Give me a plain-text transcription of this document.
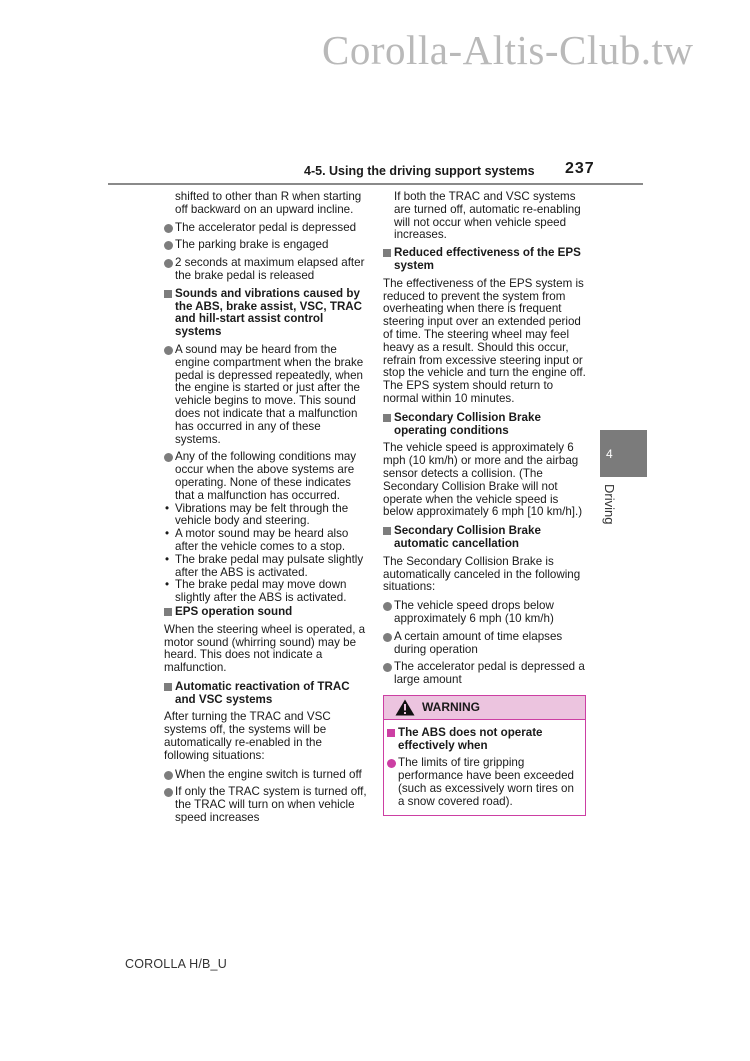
Corolla-Altis-Club.tw
4-5. Using the driving support systems 237
shifted to other than R when starting off backward on an upward incline.
The accelerator pedal is depressed
The parking brake is engaged
2 seconds at maximum elapsed after the brake pedal is released
Sounds and vibrations caused by the ABS, brake assist, VSC, TRAC and hill-start assist control systems
A sound may be heard from the engine compartment when the brake pedal is depressed repeatedly, when the engine is started or just after the vehicle begins to move. This sound does not indicate that a malfunction has occurred in any of these systems.
Any of the following conditions may occur when the above systems are operating. None of these indicates that a malfunction has occurred.
• Vibrations may be felt through the vehicle body and steering.
• A motor sound may be heard also after the vehicle comes to a stop.
• The brake pedal may pulsate slightly after the ABS is activated.
• The brake pedal may move down slightly after the ABS is activated.
EPS operation sound
When the steering wheel is operated, a motor sound (whirring sound) may be heard. This does not indicate a malfunction.
Automatic reactivation of TRAC and VSC systems
After turning the TRAC and VSC systems off, the systems will be automatically re-enabled in the following situations:
When the engine switch is turned off
If only the TRAC system is turned off, the TRAC will turn on when vehicle speed increases
If both the TRAC and VSC systems are turned off, automatic re-enabling will not occur when vehicle speed increases.
Reduced effectiveness of the EPS system
The effectiveness of the EPS system is reduced to prevent the system from overheating when there is frequent steering input over an extended period of time. The steering wheel may feel heavy as a result. Should this occur, refrain from excessive steering input or stop the vehicle and turn the engine off. The EPS system should return to normal within 10 minutes.
Secondary Collision Brake operating conditions
The vehicle speed is approximately 6 mph (10 km/h) or more and the airbag sensor detects a collision. (The Secondary Collision Brake will not operate when the vehicle speed is below approximately 6 mph [10 km/h].)
Secondary Collision Brake automatic cancellation
The Secondary Collision Brake is automatically canceled in the following situations:
The vehicle speed drops below approximately 6 mph (10 km/h)
A certain amount of time elapses during operation
The accelerator pedal is depressed a large amount
WARNING
The ABS does not operate effectively when
The limits of tire gripping performance have been exceeded (such as excessively worn tires on a snow covered road).
4
Driving
COROLLA H/B_U
